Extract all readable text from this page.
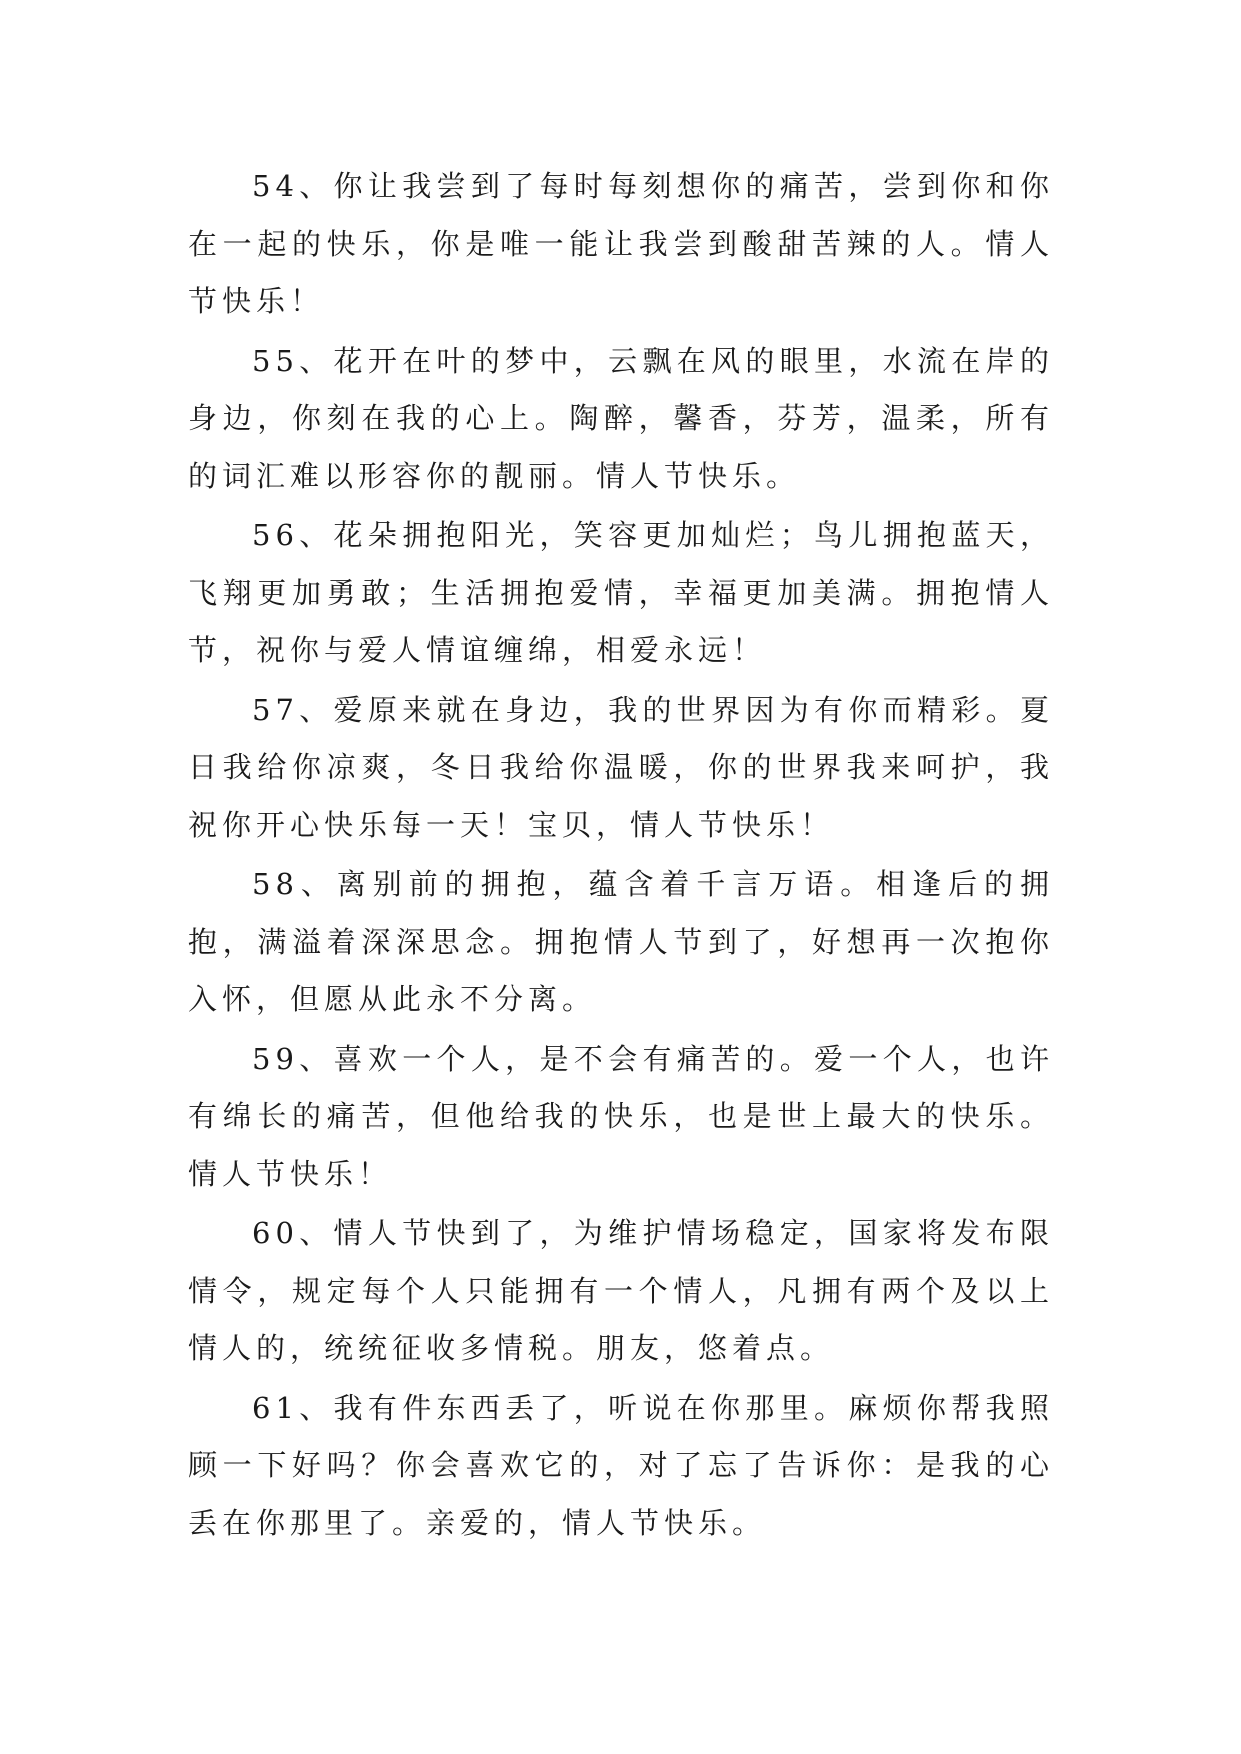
54、你让我尝到了每时每刻想你的痛苦，尝到你和你在一起的快乐，你是唯一能让我尝到酸甜苦辣的人。情人节快乐！

55、花开在叶的梦中，云飘在风的眼里，水流在岸的身边，你刻在我的心上。陶醉，馨香，芬芳，温柔，所有的词汇难以形容你的靓丽。情人节快乐。

56、花朵拥抱阳光，笑容更加灿烂；鸟儿拥抱蓝天，飞翔更加勇敢；生活拥抱爱情，幸福更加美满。拥抱情人节，祝你与爱人情谊缠绵，相爱永远！

57、爱原来就在身边，我的世界因为有你而精彩。夏日我给你凉爽，冬日我给你温暖，你的世界我来呵护，我祝你开心快乐每一天！宝贝，情人节快乐！

58、离别前的拥抱，蕴含着千言万语。相逢后的拥抱，满溢着深深思念。拥抱情人节到了，好想再一次抱你入怀，但愿从此永不分离。

59、喜欢一个人，是不会有痛苦的。爱一个人，也许有绵长的痛苦，但他给我的快乐，也是世上最大的快乐。情人节快乐！

60、情人节快到了，为维护情场稳定，国家将发布限情令，规定每个人只能拥有一个情人，凡拥有两个及以上情人的，统统征收多情税。朋友，悠着点。

61、我有件东西丢了，听说在你那里。麻烦你帮我照顾一下好吗？你会喜欢它的，对了忘了告诉你：是我的心丢在你那里了。亲爱的，情人节快乐。
